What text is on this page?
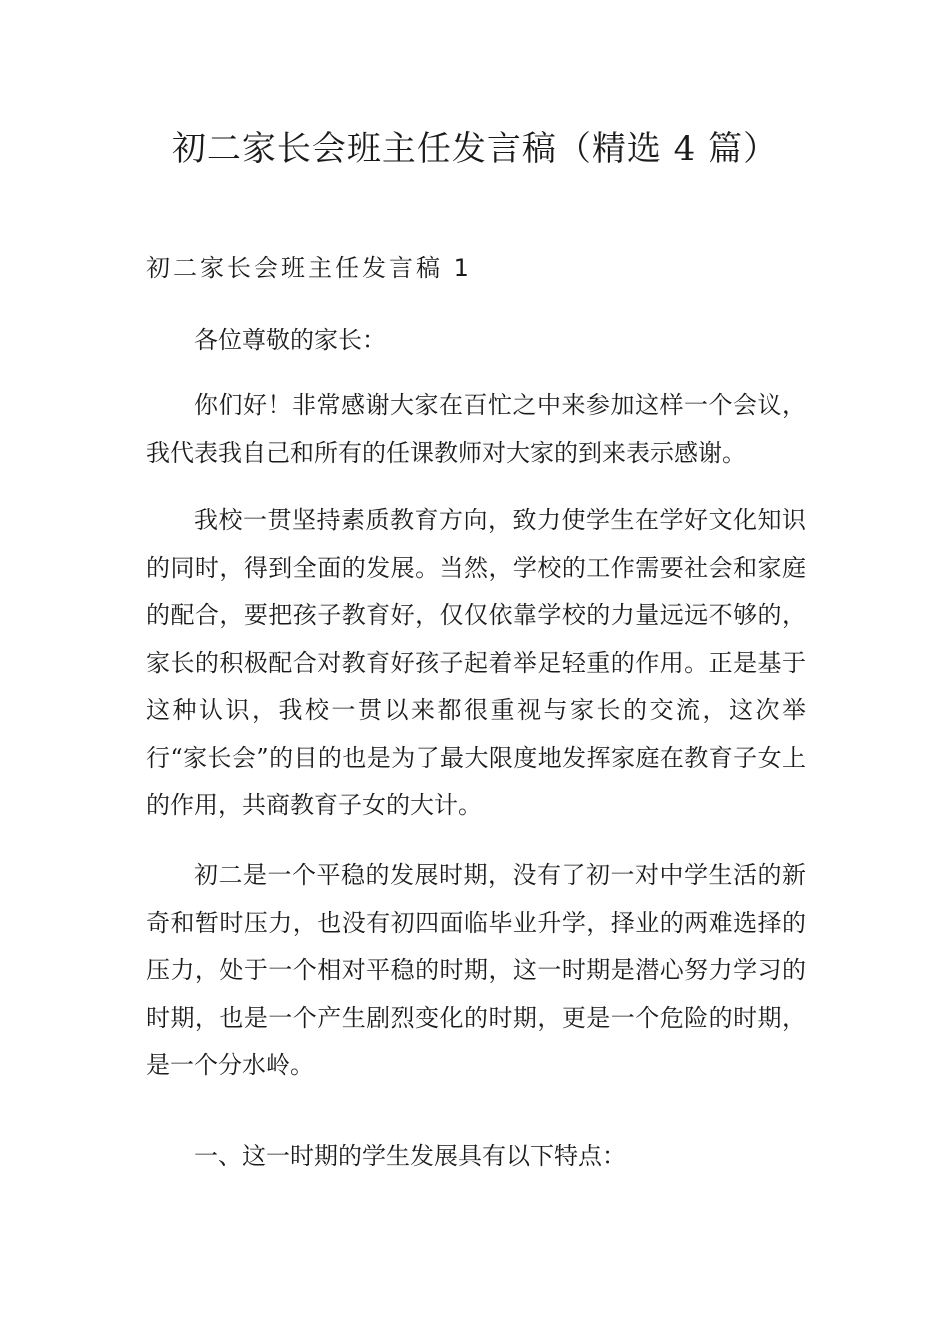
初二家长会班主任发言稿（精选 4 篇）
初二家长会班主任发言稿 1

各位尊敬的家长：

你们好！非常感谢大家在百忙之中来参加这样一个会议，我代表我自己和所有的任课教师对大家的到来表示感谢。

我校一贯坚持素质教育方向，致力使学生在学好文化知识的同时，得到全面的发展。当然，学校的工作需要社会和家庭的配合，要把孩子教育好，仅仅依靠学校的力量远远不够的，家长的积极配合对教育好孩子起着举足轻重的作用。正是基于这种认识，我校一贯以来都很重视与家长的交流，这次举行“家长会”的目的也是为了最大限度地发挥家庭在教育子女上的作用，共商教育子女的大计。

初二是一个平稳的发展时期，没有了初一对中学生活的新奇和暂时压力，也没有初四面临毕业升学，择业的两难选择的压力，处于一个相对平稳的时期，这一时期是潜心努力学习的时期，也是一个产生剧烈变化的时期，更是一个危险的时期，是一个分水岭。

一、这一时期的学生发展具有以下特点：
